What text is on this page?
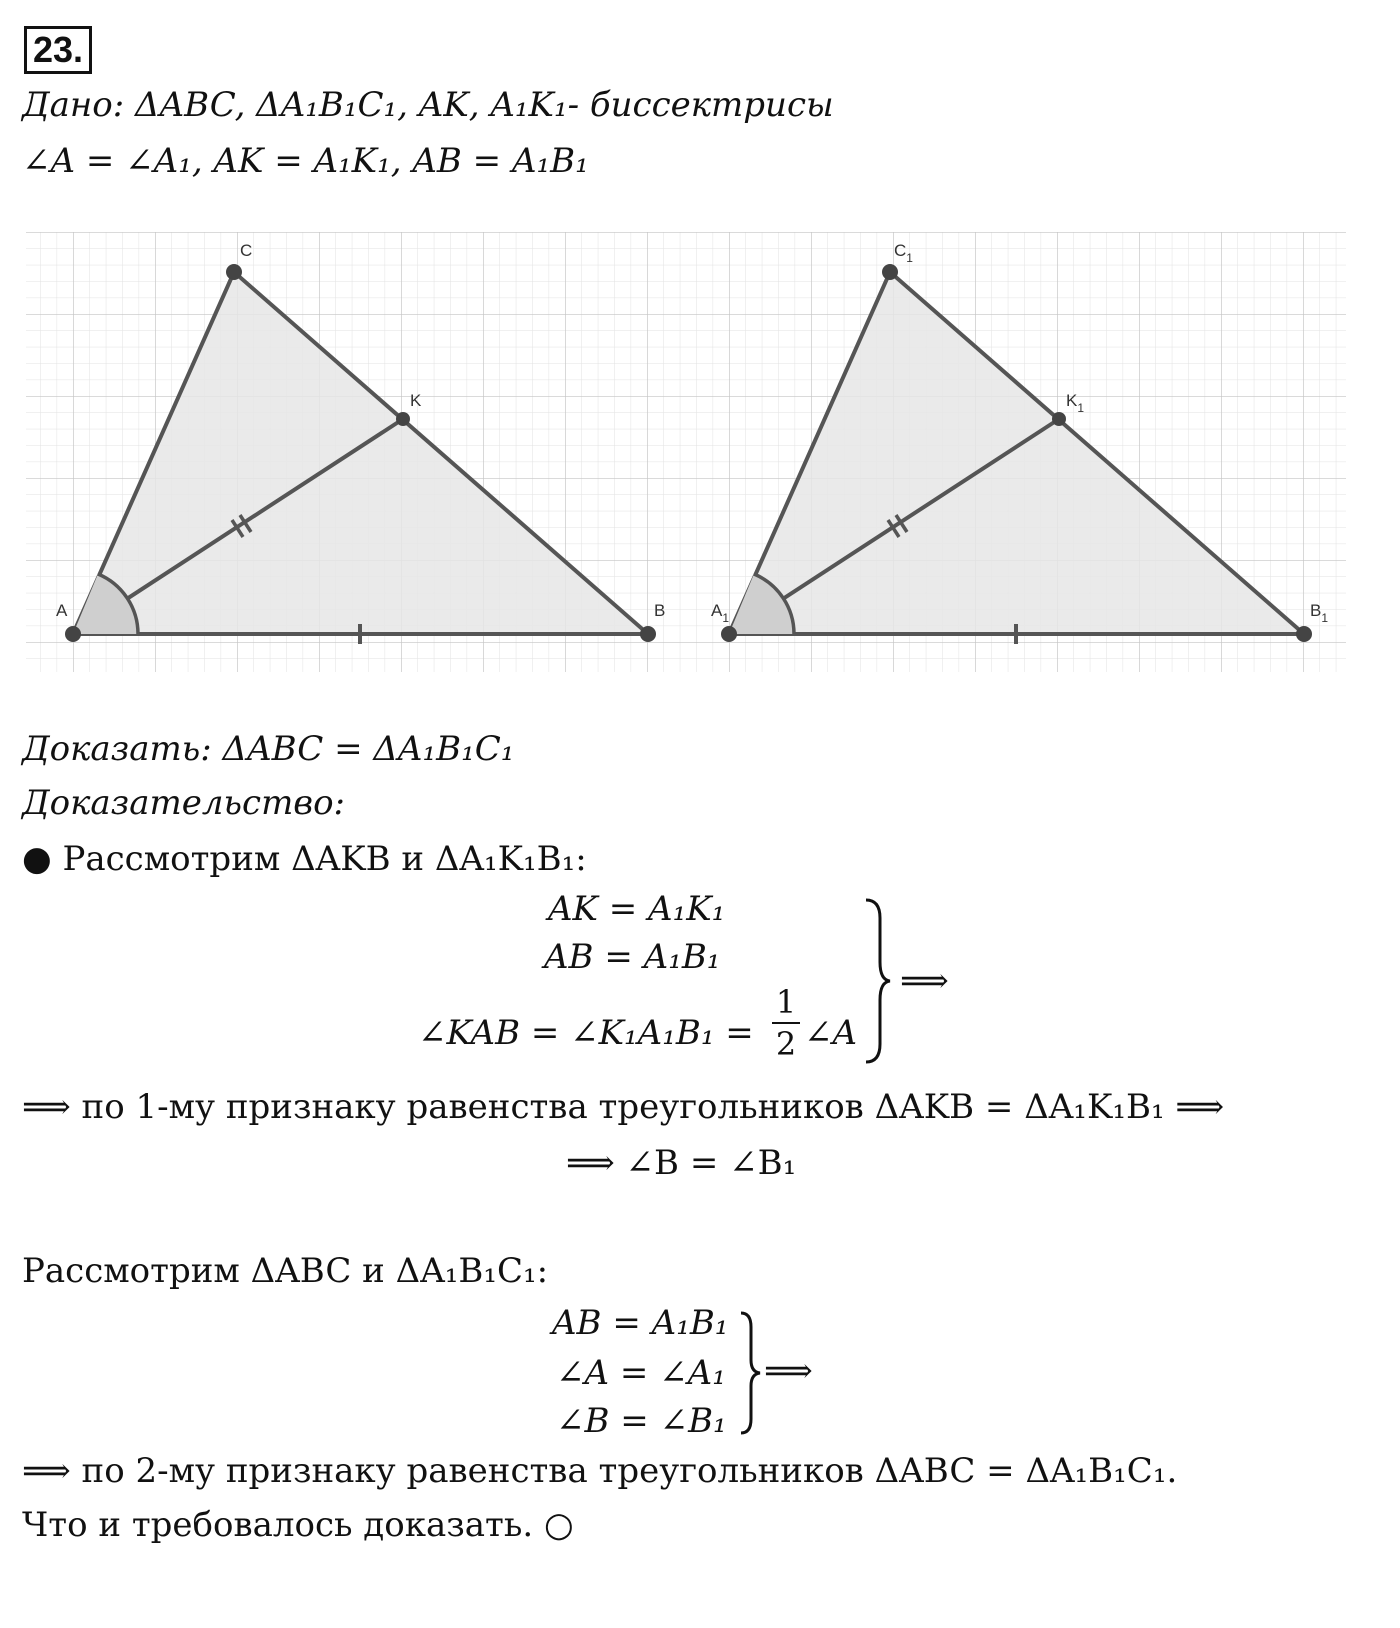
23.
Дано: ΔABC, ΔA₁B₁C₁, AK, A₁K₁- биссектрисы
∠A = ∠A₁, AK = A₁K₁, AB = A₁B₁
A	B
C
K
$A_1$	$B_1$
$C_1$
$K_1$
Доказать: ΔABC = ΔA₁B₁C₁
Доказательство:
● Рассмотрим ΔAKB и ΔA₁K₁B₁:
AK = A₁K₁
AB = A₁B₁
∠KAB = ∠K₁A₁B₁ =
1
2 ∠A
⟹
⟹ по 1-му признаку равенства треугольников ΔAKB = ΔA₁K₁B₁ ⟹
⟹ ∠B = ∠B₁
Рассмотрим ΔABC и ΔA₁B₁C₁:
AB = A₁B₁
∠A = ∠A₁
∠B = ∠B₁
⟹
⟹ по 2-му признаку равенства треугольников ΔABC = ΔA₁B₁C₁.
Что и требовалось доказать. ○
